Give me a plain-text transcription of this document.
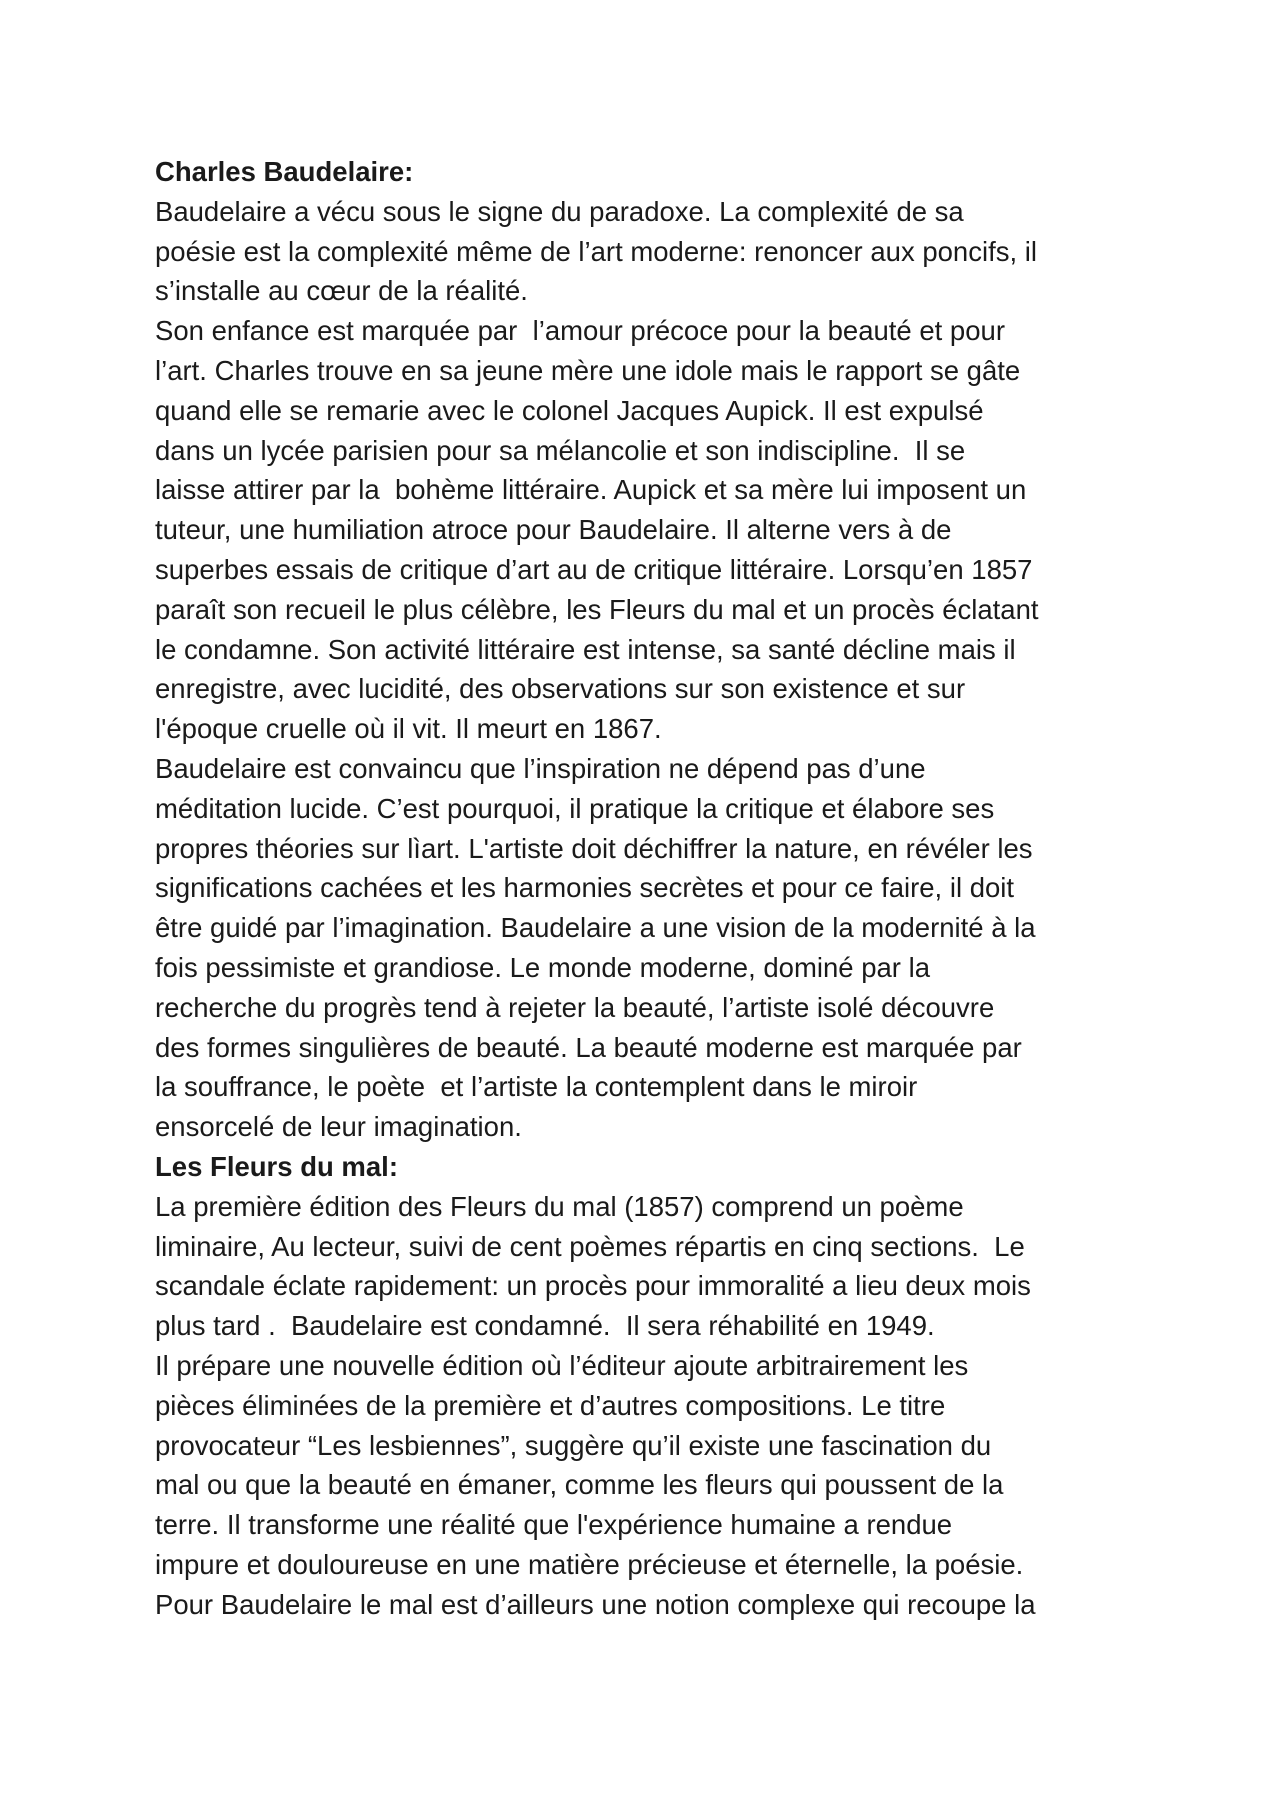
Charles Baudelaire:
Baudelaire a vécu sous le signe du paradoxe. La complexité de sa
poésie est la complexité même de l’art moderne: renoncer aux poncifs, il
s’installe au cœur de la réalité.
Son enfance est marquée par  l’amour précoce pour la beauté et pour
l’art. Charles trouve en sa jeune mère une idole mais le rapport se gâte
quand elle se remarie avec le colonel Jacques Aupick. Il est expulsé
dans un lycée parisien pour sa mélancolie et son indiscipline.  Il se
laisse attirer par la  bohème littéraire. Aupick et sa mère lui imposent un
tuteur, une humiliation atroce pour Baudelaire. Il alterne vers à de
superbes essais de critique d’art au de critique littéraire. Lorsqu’en 1857
paraît son recueil le plus célèbre, les Fleurs du mal et un procès éclatant
le condamne. Son activité littéraire est intense, sa santé décline mais il
enregistre, avec lucidité, des observations sur son existence et sur
l'époque cruelle où il vit. Il meurt en 1867.
Baudelaire est convaincu que l’inspiration ne dépend pas d’une
méditation lucide. C’est pourquoi, il pratique la critique et élabore ses
propres théories sur lìart. L'artiste doit déchiffrer la nature, en révéler les
significations cachées et les harmonies secrètes et pour ce faire, il doit
être guidé par l’imagination. Baudelaire a une vision de la modernité à la
fois pessimiste et grandiose. Le monde moderne, dominé par la
recherche du progrès tend à rejeter la beauté, l’artiste isolé découvre
des formes singulières de beauté. La beauté moderne est marquée par
la souffrance, le poète  et l’artiste la contemplent dans le miroir
ensorcelé de leur imagination.
Les Fleurs du mal:
La première édition des Fleurs du mal (1857) comprend un poème
liminaire, Au lecteur, suivi de cent poèmes répartis en cinq sections.  Le
scandale éclate rapidement: un procès pour immoralité a lieu deux mois
plus tard .  Baudelaire est condamné.  Il sera réhabilité en 1949.
Il prépare une nouvelle édition où l’éditeur ajoute arbitrairement les
pièces éliminées de la première et d’autres compositions. Le titre
provocateur “Les lesbiennes”, suggère qu’il existe une fascination du
mal ou que la beauté en émaner, comme les fleurs qui poussent de la
terre. Il transforme une réalité que l'expérience humaine a rendue
impure et douloureuse en une matière précieuse et éternelle, la poésie.
Pour Baudelaire le mal est d’ailleurs une notion complexe qui recoupe la
